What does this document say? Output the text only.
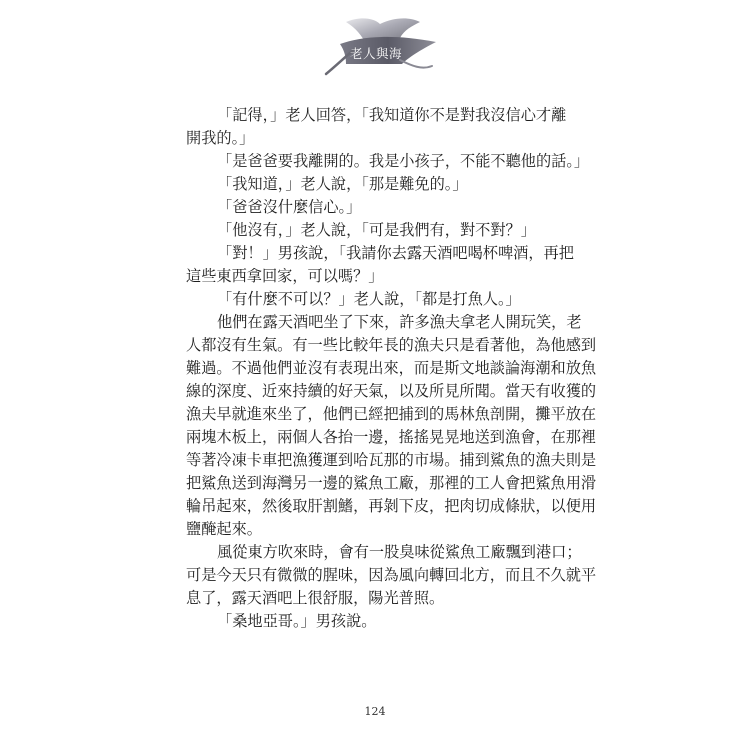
老人與海
「記得，」老人回答，「我知道你不是對我沒信心才離
開我的。」
「是爸爸要我離開的。我是小孩子，不能不聽他的話。」
「我知道，」老人說，「那是難免的。」
「爸爸沒什麼信心。」
「他沒有，」老人說，「可是我們有，對不對？」
「對！」男孩說，「我請你去露天酒吧喝杯啤酒，再把
這些東西拿回家，可以嗎？」
「有什麼不可以？」老人說，「都是打魚人。」
他們在露天酒吧坐了下來，許多漁夫拿老人開玩笑，老
人都沒有生氣。有一些比較年長的漁夫只是看著他，為他感到
難過。不過他們並沒有表現出來，而是斯文地談論海潮和放魚
線的深度、近來持續的好天氣，以及所見所聞。當天有收獲的
漁夫早就進來坐了，他們已經把捕到的馬林魚剖開，攤平放在
兩塊木板上，兩個人各抬一邊，搖搖晃晃地送到漁會，在那裡
等著冷凍卡車把漁獲運到哈瓦那的市場。捕到鯊魚的漁夫則是
把鯊魚送到海灣另一邊的鯊魚工廠，那裡的工人會把鯊魚用滑
輪吊起來，然後取肝割鰭，再剝下皮，把肉切成條狀，以便用
鹽醃起來。
風從東方吹來時，會有一股臭味從鯊魚工廠飄到港口；
可是今天只有微微的腥味，因為風向轉回北方，而且不久就平
息了，露天酒吧上很舒服，陽光普照。
「桑地亞哥。」男孩說。
124
